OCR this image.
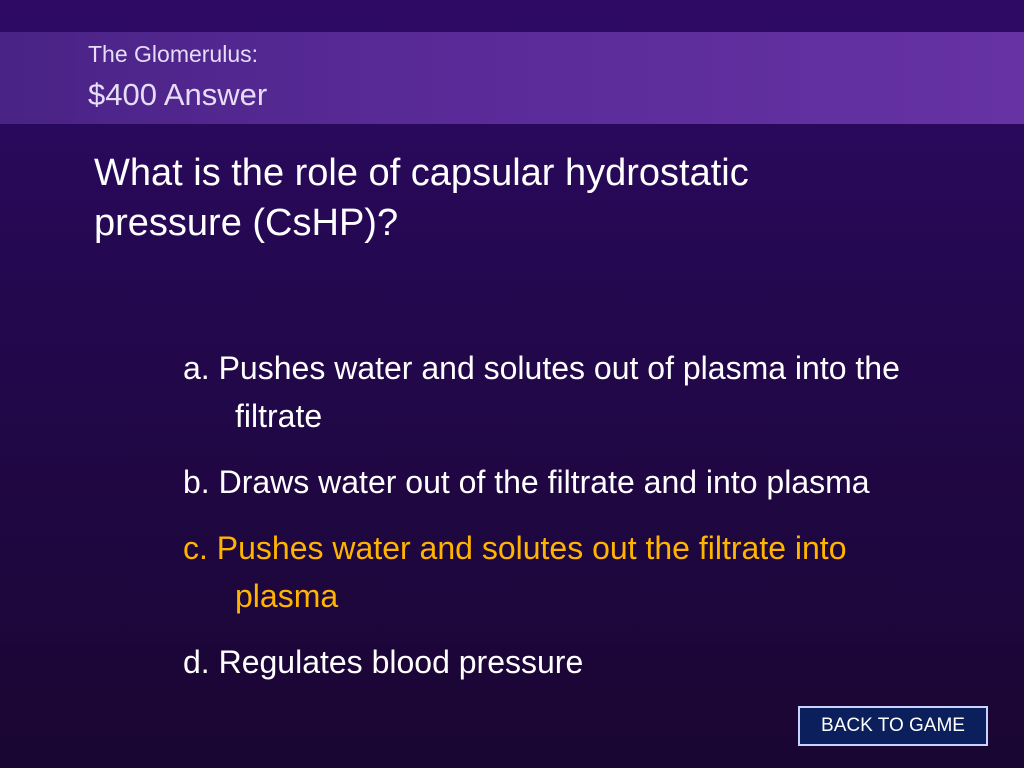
The Glomerulus:
$400 Answer

What is the role of capsular hydrostatic pressure (CsHP)?

a. Pushes water and solutes out of plasma into the filtrate
b. Draws water out of the filtrate and into plasma
c. Pushes water and solutes out the filtrate into plasma
d. Regulates blood pressure
BACK TO GAME
